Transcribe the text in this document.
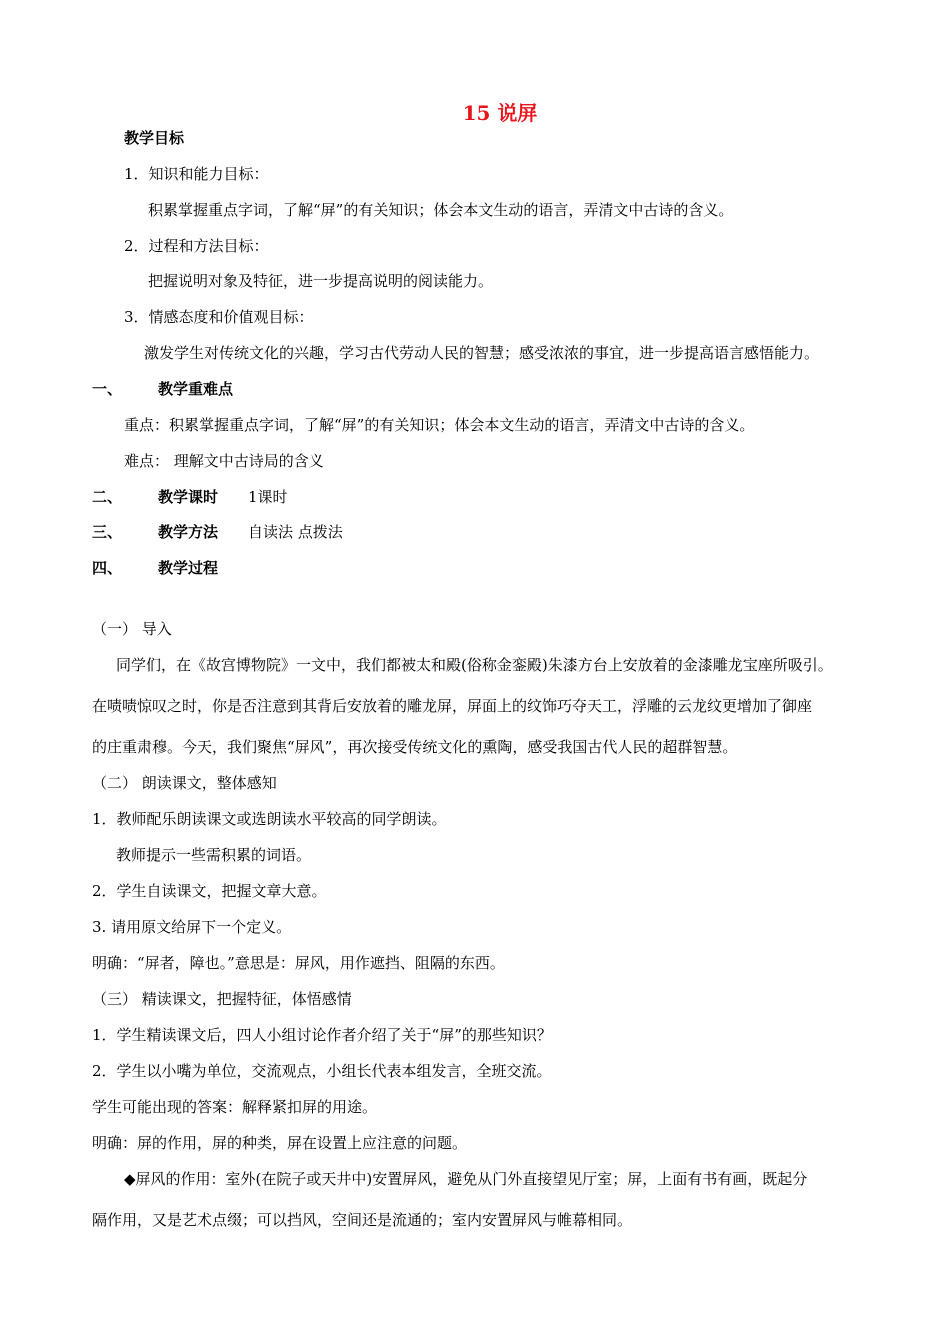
15 说屏
教学目标
1．知识和能力目标：
积累掌握重点字词，了解“屏”的有关知识；体会本文生动的语言，弄清文中古诗的含义。
2．过程和方法目标：
把握说明对象及特征，进一步提高说明的阅读能力。
3．情感态度和价值观目标：
激发学生对传统文化的兴趣，学习古代劳动人民的智慧；感受浓浓的事宜，进一步提高语言感悟能力。
一、 教学重难点
重点：积累掌握重点字词，了解“屏”的有关知识；体会本文生动的语言，弄清文中古诗的含义。
难点： 理解文中古诗局的含义
二、 教学课时 1课时
三、 教学方法 自读法 点拨法
四、 教学过程
（一） 导入
同学们，在《故宫博物院》一文中，我们都被太和殿(俗称金銮殿)朱漆方台上安放着的金漆雕龙宝座所吸引。
在啧啧惊叹之时，你是否注意到其背后安放着的雕龙屏，屏面上的纹饰巧夺天工，浮雕的云龙纹更增加了御座
的庄重肃穆。今天，我们聚焦“屏风”，再次接受传统文化的熏陶，感受我国古代人民的超群智慧。
（二） 朗读课文，整体感知
1．教师配乐朗读课文或选朗读水平较高的同学朗读。
教师提示一些需积累的词语。
2．学生自读课文，把握文章大意。
3. 请用原文给屏下一个定义。
明确：“屏者，障也。”意思是：屏风，用作遮挡、阻隔的东西。
（三） 精读课文，把握特征，体悟感情
1．学生精读课文后，四人小组讨论作者介绍了关于“屏”的那些知识？
2．学生以小嘴为单位，交流观点，小组长代表本组发言，全班交流。
学生可能出现的答案：解释紧扣屏的用途。
明确：屏的作用，屏的种类，屏在设置上应注意的问题。
◆屏风的作用：室外(在院子或天井中)安置屏风，避免从门外直接望见厅室；屏，上面有书有画，既起分
隔作用，又是艺术点缀；可以挡风，空间还是流通的；室内安置屏风与帷幕相同。
